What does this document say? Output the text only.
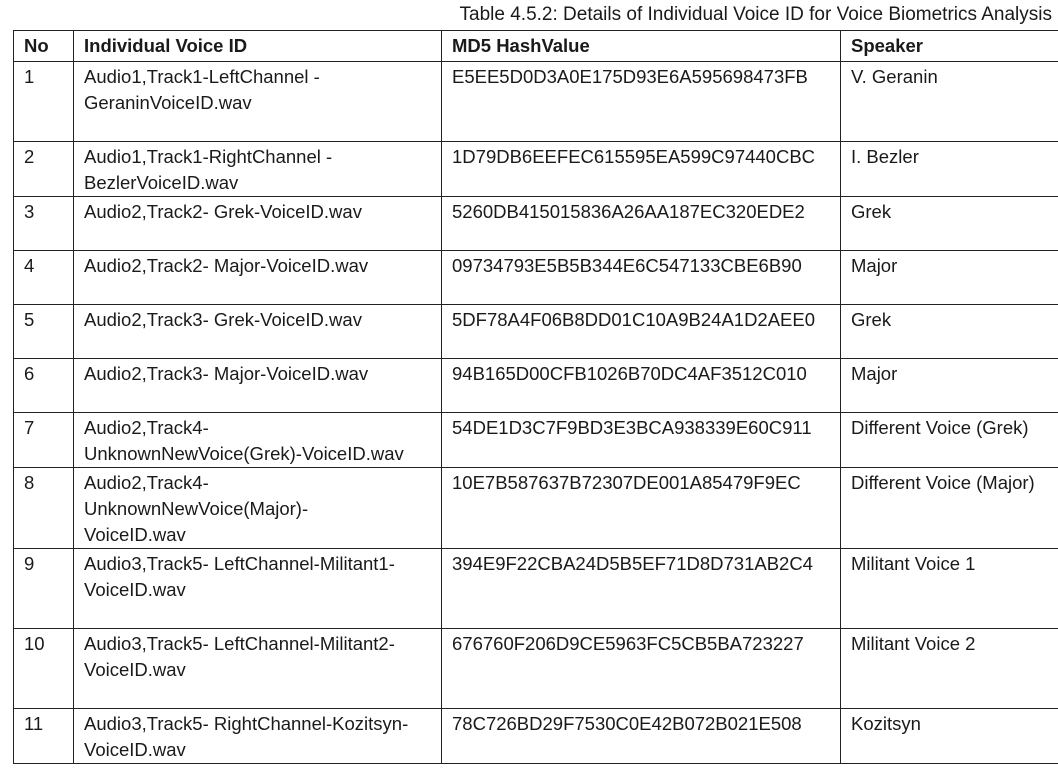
Table 4.5.2: Details of Individual Voice ID for Voice Biometrics Analysis
No	Individual Voice ID	MD5 HashValue	Speaker

1	Audio1,Track1-LeftChannel -
GeraninVoiceID.wav	E5EE5D0D3A0E175D93E6A595698473FB	V. Geranin

2	Audio1,Track1-RightChannel -
BezlerVoiceID.wav	1D79DB6EEFEC615595EA599C97440CBC	I. Bezler

3	Audio2,Track2- Grek-VoiceID.wav	5260DB415015836A26AA187EC320EDE2	Grek

4	Audio2,Track2- Major-VoiceID.wav	09734793E5B5B344E6C547133CBE6B90	Major

5	Audio2,Track3- Grek-VoiceID.wav	5DF78A4F06B8DD01C10A9B24A1D2AEE0	Grek

6	Audio2,Track3- Major-VoiceID.wav	94B165D00CFB1026B70DC4AF3512C010	Major

7	Audio2,Track4-
UnknownNewVoice(Grek)-VoiceID.wav	54DE1D3C7F9BD3E3BCA938339E60C911	Different Voice (Grek)

8	Audio2,Track4-
UnknownNewVoice(Major)-
VoiceID.wav	10E7B587637B72307DE001A85479F9EC	Different Voice (Major)

9	Audio3,Track5- LeftChannel-Militant1-
VoiceID.wav	394E9F22CBA24D5B5EF71D8D731AB2C4	Militant Voice 1

10	Audio3,Track5- LeftChannel-Militant2-
VoiceID.wav	676760F206D9CE5963FC5CB5BA723227	Militant Voice 2

11	Audio3,Track5- RightChannel-Kozitsyn-
VoiceID.wav	78C726BD29F7530C0E42B072B021E508	Kozitsyn
